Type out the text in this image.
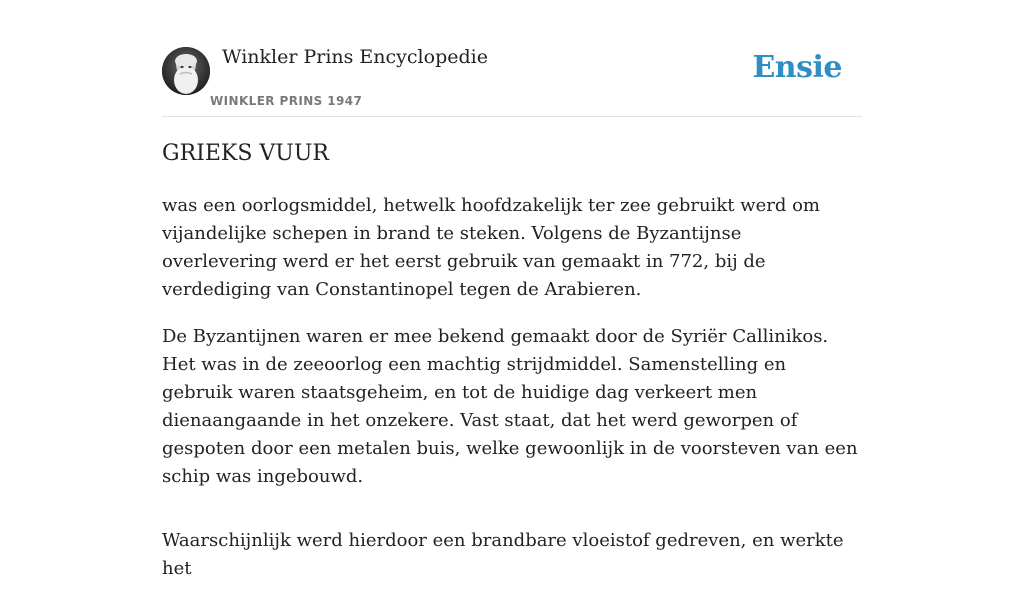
Winkler Prins Encyclopedie
WINKLER PRINS 1947
Ensie
GRIEKS VUUR

was een oorlogsmiddel, hetwelk hoofdzakelijk ter zee gebruikt werd om vijandelijke schepen in brand te steken. Volgens de Byzantijnse overlevering werd er het eerst gebruik van gemaakt in 772, bij de verdediging van Constantinopel tegen de Arabieren.

De Byzantijnen waren er mee bekend gemaakt door de Syriër Callinikos. Het was in de zeeoorlog een machtig strijdmiddel. Samenstelling en gebruik waren staatsgeheim, en tot de huidige dag verkeert men dienaangaande in het onzekere. Vast staat, dat het werd geworpen of gespoten door een metalen buis, welke gewoonlijk in de voorsteven van een schip was ingebouwd.

Waarschijnlijk werd hierdoor een brandbare vloeistof gedreven, en werkte het
